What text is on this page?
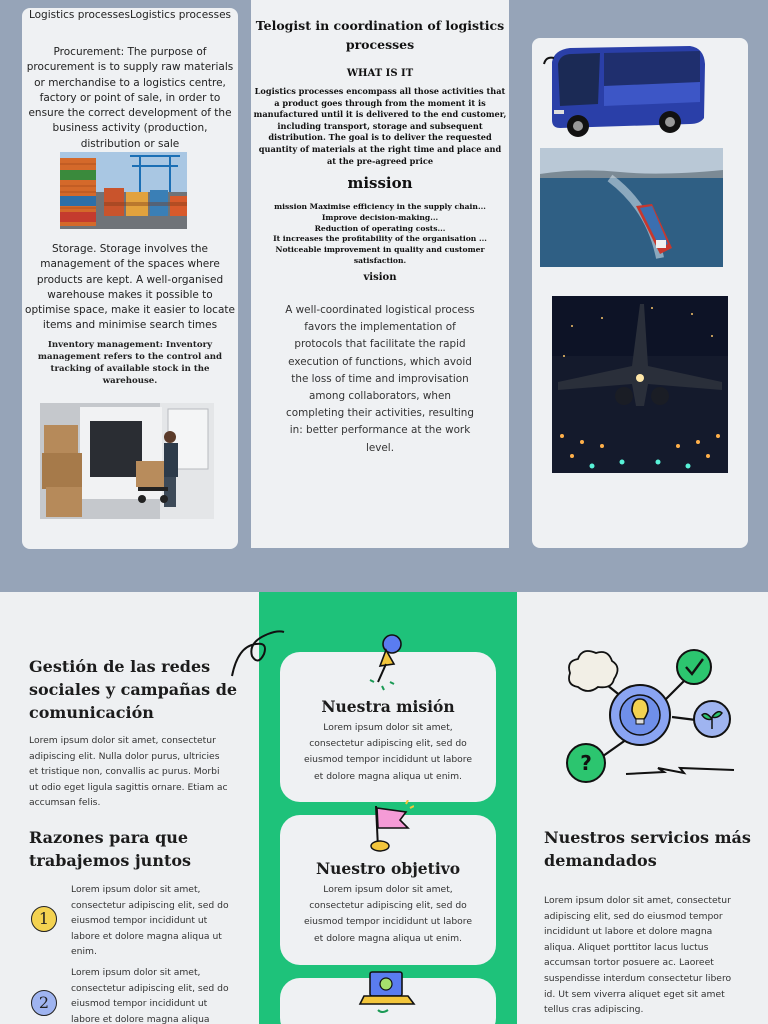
Logistics processesLogistics processes
Procurement: The purpose of procurement is to supply raw materials or merchandise to a logistics centre, factory or point of sale, in order to ensure the correct development of the business activity (production, distribution or sale
Storage. Storage involves the management of the spaces where products are kept. A well-organised warehouse makes it possible to optimise space, make it easier to locate items and minimise search times
Inventory management: Inventory management refers to the control and tracking of available stock in the warehouse.
Telogist in coordination of logistics processes
WHAT IS IT
Logistics processes encompass all those activities that a product goes through from the moment it is manufactured until it is delivered to the end customer, including transport, storage and subsequent distribution. The goal is to deliver the requested quantity of materials at the right time and place and at the pre-agreed price
mission
mission Maximise efficiency in the supply chain...
Improve decision-making...
Reduction of operating costs...
It increases the profitability of the organisation ...
Noticeable improvement in quality and customer satisfaction.
vision
A well-coordinated logistical process favors the implementation of protocols that facilitate the rapid execution of functions, which avoid the loss of time and improvisation among collaborators, when completing their activities, resulting in: better performance at the work level.
Gestión de las redes sociales y campañas de comunicación
Lorem ipsum dolor sit amet, consectetur adipiscing elit. Nulla dolor purus, ultricies et tristique non, convallis ac purus. Morbi ut odio eget ligula sagittis ornare. Etiam ac accumsan felis.
Razones para que trabajemos juntos
1
Lorem ipsum dolor sit amet, consectetur adipiscing elit, sed do eiusmod tempor incididunt ut labore et dolore magna aliqua ut enim.
2
Lorem ipsum dolor sit amet, consectetur adipiscing elit, sed do eiusmod tempor incididunt ut labore et dolore magna aliqua
Nuestra misión
Lorem ipsum dolor sit amet, consectetur adipiscing elit, sed do eiusmod tempor incididunt ut labore et dolore magna aliqua ut enim.
Nuestro objetivo
Lorem ipsum dolor sit amet, consectetur adipiscing elit, sed do eiusmod tempor incididunt ut labore et dolore magna aliqua ut enim.
?
Nuestros servicios más demandados
Lorem ipsum dolor sit amet, consectetur adipiscing elit, sed do eiusmod tempor incididunt ut labore et dolore magna aliqua. Aliquet porttitor lacus luctus accumsan tortor posuere ac. Laoreet suspendisse interdum consectetur libero id. Ut sem viverra aliquet eget sit amet tellus cras adipiscing.
